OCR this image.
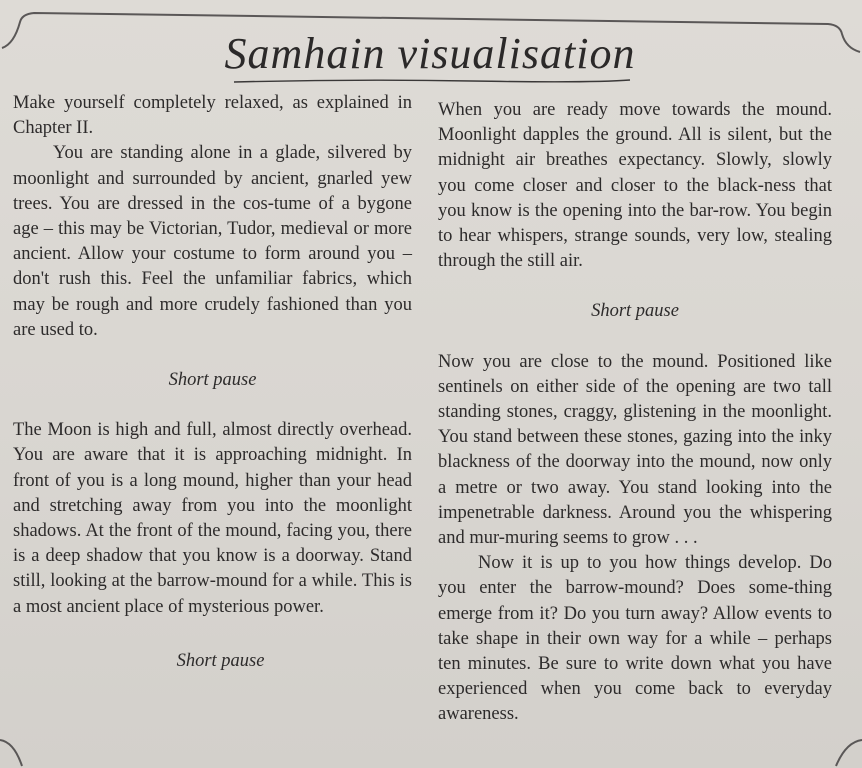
Samhain visualisation

Make yourself completely relaxed, as explained in Chapter II.

You are standing alone in a glade, silvered by moonlight and surrounded by ancient, gnarled yew trees. You are dressed in the cos-tume of a bygone age – this may be Victorian, Tudor, medieval or more ancient. Allow your costume to form around you – don't rush this. Feel the unfamiliar fabrics, which may be rough and more crudely fashioned than you are used to.

Short pause

The Moon is high and full, almost directly overhead. You are aware that it is approaching midnight. In front of you is a long mound, higher than your head and stretching away from you into the moonlight shadows. At the front of the mound, facing you, there is a deep shadow that you know is a doorway. Stand still, looking at the barrow-mound for a while. This is a most ancient place of mysterious power.

Short pause

When you are ready move towards the mound. Moonlight dapples the ground. All is silent, but the midnight air breathes expectancy. Slowly, slowly you come closer and closer to the black-ness that you know is the opening into the bar-row. You begin to hear whispers, strange sounds, very low, stealing through the still air.

Short pause

Now you are close to the mound. Positioned like sentinels on either side of the opening are two tall standing stones, craggy, glistening in the moonlight. You stand between these stones, gazing into the inky blackness of the doorway into the mound, now only a metre or two away. You stand looking into the impenetrable darkness. Around you the whispering and mur-muring seems to grow . . .

Now it is up to you how things develop. Do you enter the barrow-mound? Does some-thing emerge from it? Do you turn away? Allow events to take shape in their own way for a while – perhaps ten minutes. Be sure to write down what you have experienced when you come back to everyday awareness.
